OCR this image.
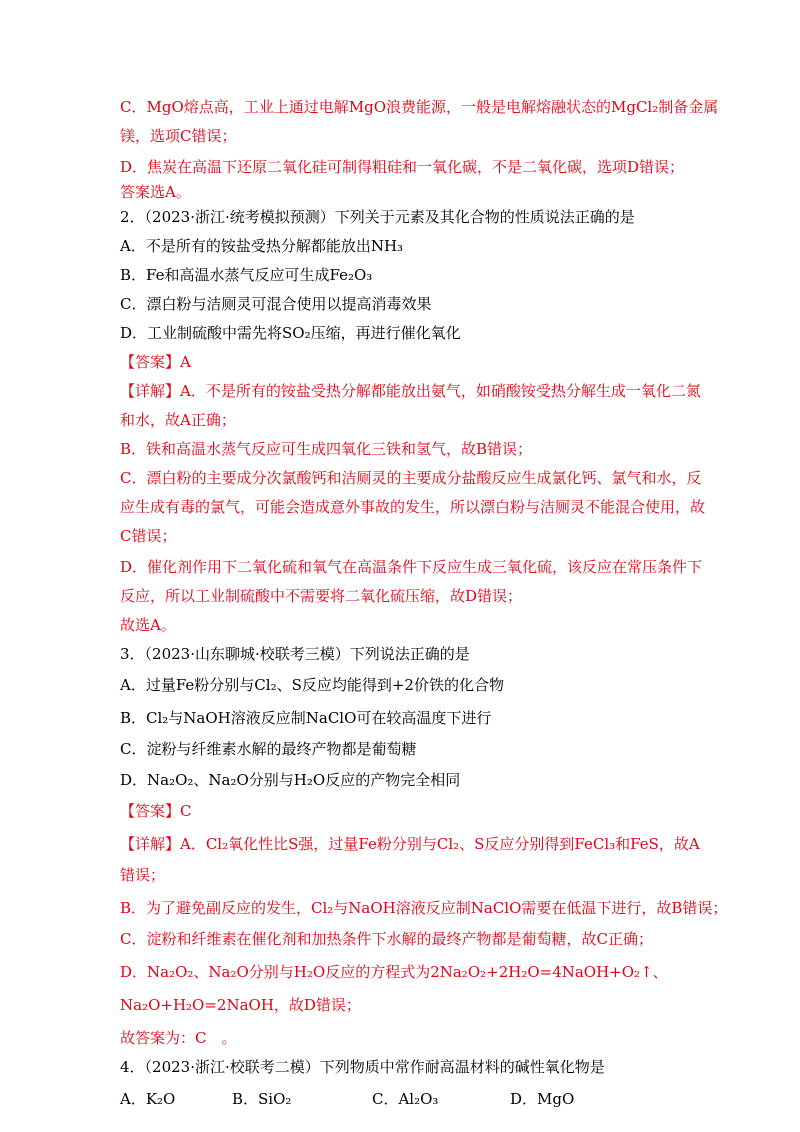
C．MgO熔点高，工业上通过电解MgO浪费能源，一般是电解熔融状态的MgCl₂制备金属
镁，选项C错误；
D．焦炭在高温下还原二氧化硅可制得粗硅和一氧化碳，不是二氧化碳，选项D错误；
答案选A。
2．（2023·浙江·统考模拟预测）下列关于元素及其化合物的性质说法正确的是
A．不是所有的铵盐受热分解都能放出NH₃
B．Fe和高温水蒸气反应可生成Fe₂O₃
C．漂白粉与洁厕灵可混合使用以提高消毒效果
D．工业制硫酸中需先将SO₂压缩，再进行催化氧化
【答案】A
【详解】A．不是所有的铵盐受热分解都能放出氨气，如硝酸铵受热分解生成一氧化二氮
和水，故A正确；
B．铁和高温水蒸气反应可生成四氧化三铁和氢气，故B错误；
C．漂白粉的主要成分次氯酸钙和洁厕灵的主要成分盐酸反应生成氯化钙、氯气和水，反
应生成有毒的氯气，可能会造成意外事故的发生，所以漂白粉与洁厕灵不能混合使用，故
C错误；
D．催化剂作用下二氧化硫和氧气在高温条件下反应生成三氧化硫，该反应在常压条件下
反应，所以工业制硫酸中不需要将二氧化硫压缩，故D错误；
故选A。
3．（2023·山东聊城·校联考三模）下列说法正确的是
A．过量Fe粉分别与Cl₂、S反应均能得到+2价铁的化合物
B．Cl₂与NaOH溶液反应制NaClO可在较高温度下进行
C．淀粉与纤维素水解的最终产物都是葡萄糖
D．Na₂O₂、Na₂O分别与H₂O反应的产物完全相同
【答案】C
【详解】A．Cl₂氧化性比S强，过量Fe粉分别与Cl₂、S反应分别得到FeCl₃和FeS，故A
错误；
B．为了避免副反应的发生，Cl₂与NaOH溶液反应制NaClO需要在低温下进行，故B错误；
C．淀粉和纤维素在催化剂和加热条件下水解的最终产物都是葡萄糖，故C正确；
D．Na₂O₂、Na₂O分别与H₂O反应的方程式为2Na₂O₂+2H₂O=4NaOH+O₂↑、
Na₂O+H₂O=2NaOH，故D错误；
故答案为：C　。
4．（2023·浙江·校联考二模）下列物质中常作耐高温材料的碱性氧化物是
A．K₂O	B．SiO₂	C．Al₂O₃	D．MgO
